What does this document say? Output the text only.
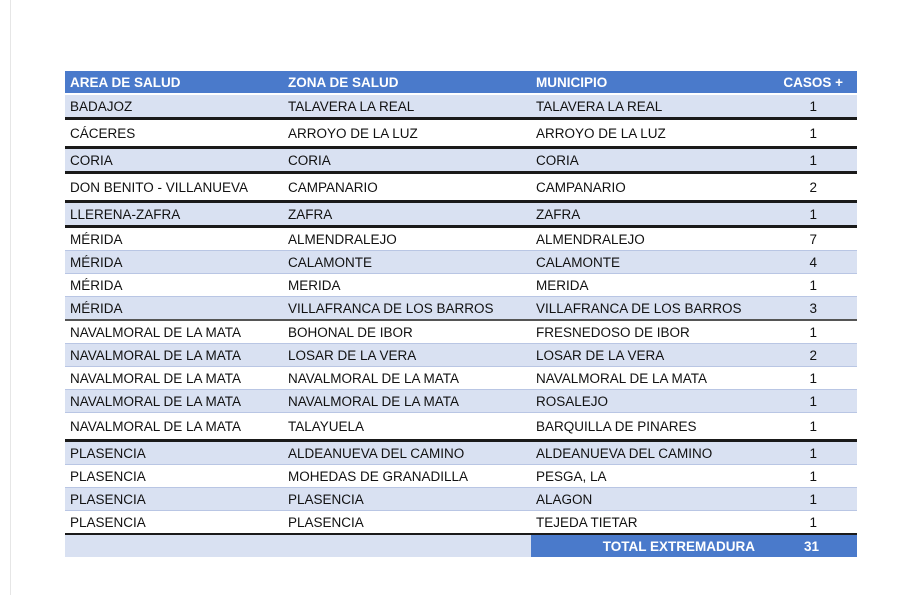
AREA DE SALUD	ZONA DE SALUD	MUNICIPIO	CASOS +
BADAJOZ	TALAVERA LA REAL	TALAVERA LA REAL	1
CÁCERES	ARROYO DE LA LUZ	ARROYO DE LA LUZ	1
CORIA	CORIA	CORIA	1
DON BENITO - VILLANUEVA	CAMPANARIO	CAMPANARIO	2
LLERENA-ZAFRA	ZAFRA	ZAFRA	1
MÉRIDA	ALMENDRALEJO	ALMENDRALEJO	7
MÉRIDA	CALAMONTE	CALAMONTE	4
MÉRIDA	MERIDA	MERIDA	1
MÉRIDA	VILLAFRANCA DE LOS BARROS	VILLAFRANCA DE LOS BARROS	3
NAVALMORAL DE LA MATA	BOHONAL DE IBOR	FRESNEDOSO DE IBOR	1
NAVALMORAL DE LA MATA	LOSAR DE LA VERA	LOSAR DE LA VERA	2
NAVALMORAL DE LA MATA	NAVALMORAL DE LA MATA	NAVALMORAL DE LA MATA	1
NAVALMORAL DE LA MATA	NAVALMORAL DE LA MATA	ROSALEJO	1
NAVALMORAL DE LA MATA	TALAYUELA	BARQUILLA DE PINARES	1
PLASENCIA	ALDEANUEVA DEL CAMINO	ALDEANUEVA DEL CAMINO	1
PLASENCIA	MOHEDAS DE GRANADILLA	PESGA, LA	1
PLASENCIA	PLASENCIA	ALAGON	1
PLASENCIA	PLASENCIA	TEJEDA TIETAR	1
		TOTAL EXTREMADURA	31
